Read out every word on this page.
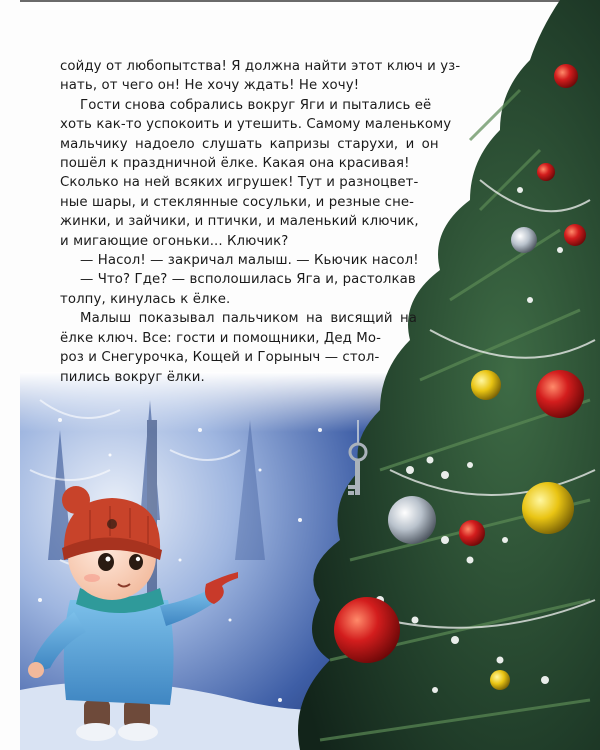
сойду от любопытства! Я должна найти этот ключ и уз-
нать, от чего он! Не хочу ждать! Не хочу!
Гости снова собрались вокруг Яги и пытались её
хоть как-то успокоить и утешить. Самому маленькому
мальчику надоело слушать капризы старухи, и он
пошёл к праздничной ёлке. Какая она красивая!
Сколько на ней всяких игрушек! Тут и разноцвет-
ные шары, и стеклянные сосульки, и резные сне-
жинки, и зайчики, и птички, и маленький ключик,
и мигающие огоньки... Ключик?
— Насол! — закричал малыш. — Кьючик насол!
— Что? Где? — всполошилась Яга и, растолкав
толпу, кинулась к ёлке.
Малыш показывал пальчиком на висящий на
ёлке ключ. Все: гости и помощники, Дед Мо-
роз и Снегурочка, Кощей и Горыныч — стол-
пились вокруг ёлки.
